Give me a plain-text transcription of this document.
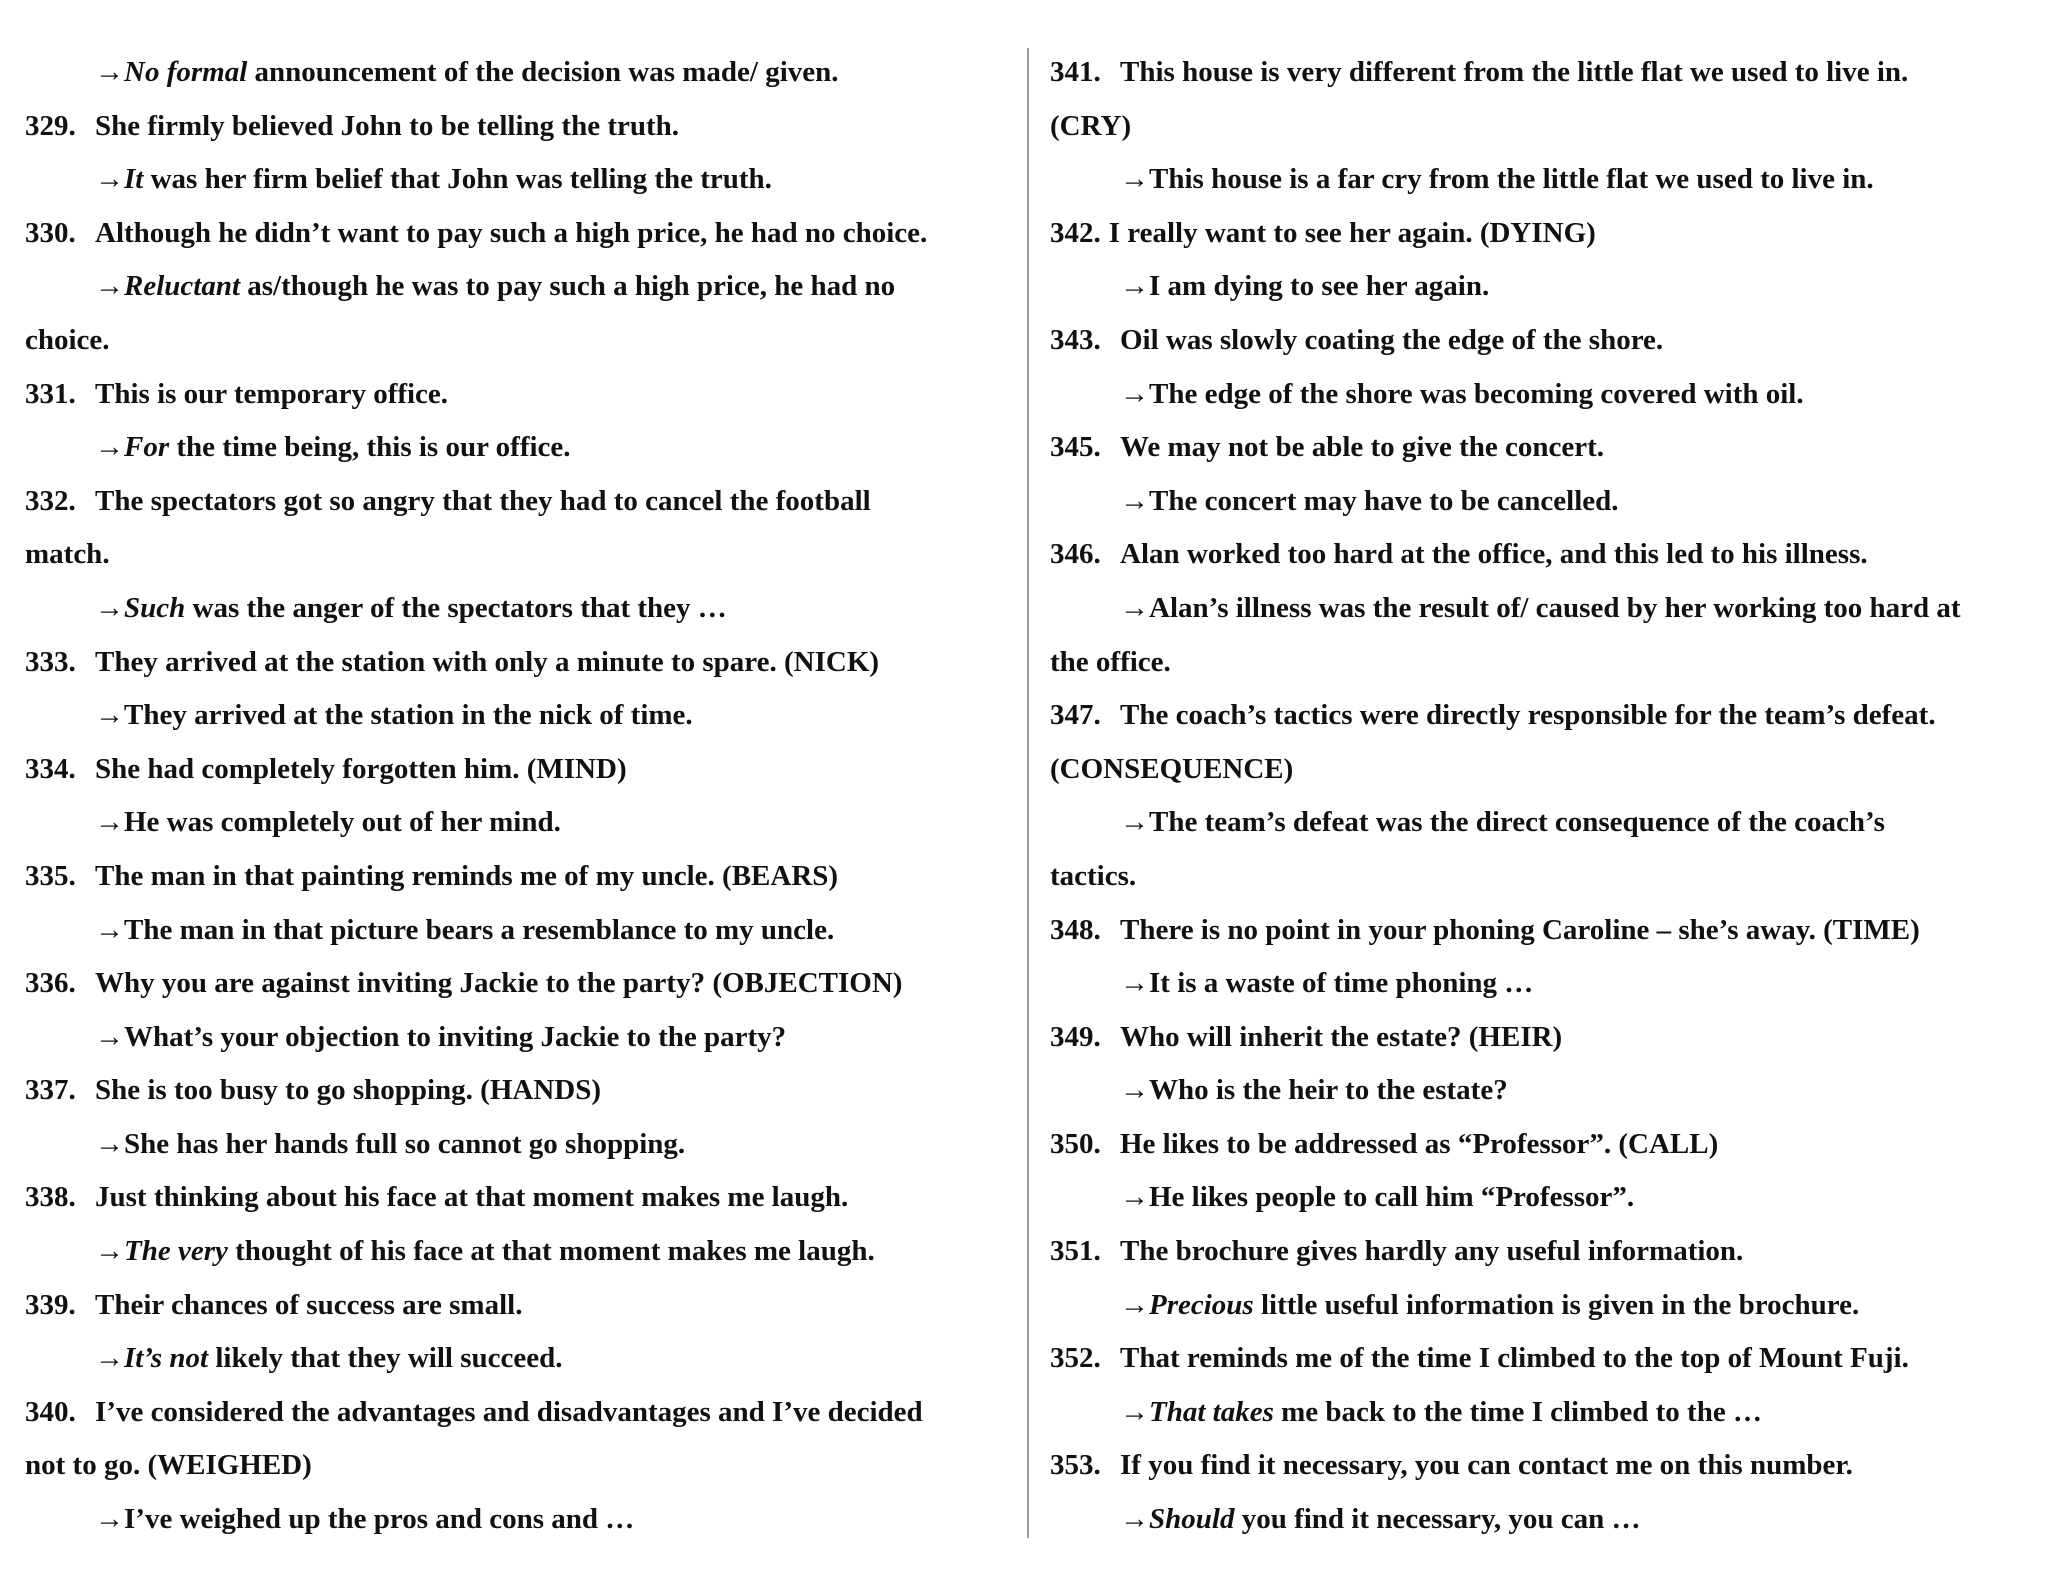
→No formal announcement of the decision was made/ given.
329. She firmly believed John to be telling the truth.
→It was her firm belief that John was telling the truth.
330. Although he didn’t want to pay such a high price, he had no choice.
→Reluctant as/though he was to pay such a high price, he had no
choice.
331. This is our temporary office.
→For the time being, this is our office.
332. The spectators got so angry that they had to cancel the football
match.
→Such was the anger of the spectators that they …
333. They arrived at the station with only a minute to spare. (NICK)
→They arrived at the station in the nick of time.
334. She had completely forgotten him. (MIND)
→He was completely out of her mind.
335. The man in that painting reminds me of my uncle. (BEARS)
→The man in that picture bears a resemblance to my uncle.
336. Why you are against inviting Jackie to the party? (OBJECTION)
→What’s your objection to inviting Jackie to the party?
337. She is too busy to go shopping. (HANDS)
→She has her hands full so cannot go shopping.
338. Just thinking about his face at that moment makes me laugh.
→The very thought of his face at that moment makes me laugh.
339. Their chances of success are small.
→It’s not likely that they will succeed.
340. I’ve considered the advantages and disadvantages and I’ve decided
not to go. (WEIGHED)
→I’ve weighed up the pros and cons and …
341. This house is very different from the little flat we used to live in.
(CRY)
→This house is a far cry from the little flat we used to live in.
342. I really want to see her again. (DYING)
→I am dying to see her again.
343. Oil was slowly coating the edge of the shore.
→The edge of the shore was becoming covered with oil.
345. We may not be able to give the concert.
→The concert may have to be cancelled.
346. Alan worked too hard at the office, and this led to his illness.
→Alan’s illness was the result of/ caused by her working too hard at
the office.
347. The coach’s tactics were directly responsible for the team’s defeat.
(CONSEQUENCE)
→The team’s defeat was the direct consequence of the coach’s
tactics.
348. There is no point in your phoning Caroline – she’s away. (TIME)
→It is a waste of time phoning …
349. Who will inherit the estate? (HEIR)
→Who is the heir to the estate?
350. He likes to be addressed as “Professor”. (CALL)
→He likes people to call him “Professor”.
351. The brochure gives hardly any useful information.
→Precious little useful information is given in the brochure.
352. That reminds me of the time I climbed to the top of Mount Fuji.
→That takes me back to the time I climbed to the …
353. If you find it necessary, you can contact me on this number.
→Should you find it necessary, you can …
